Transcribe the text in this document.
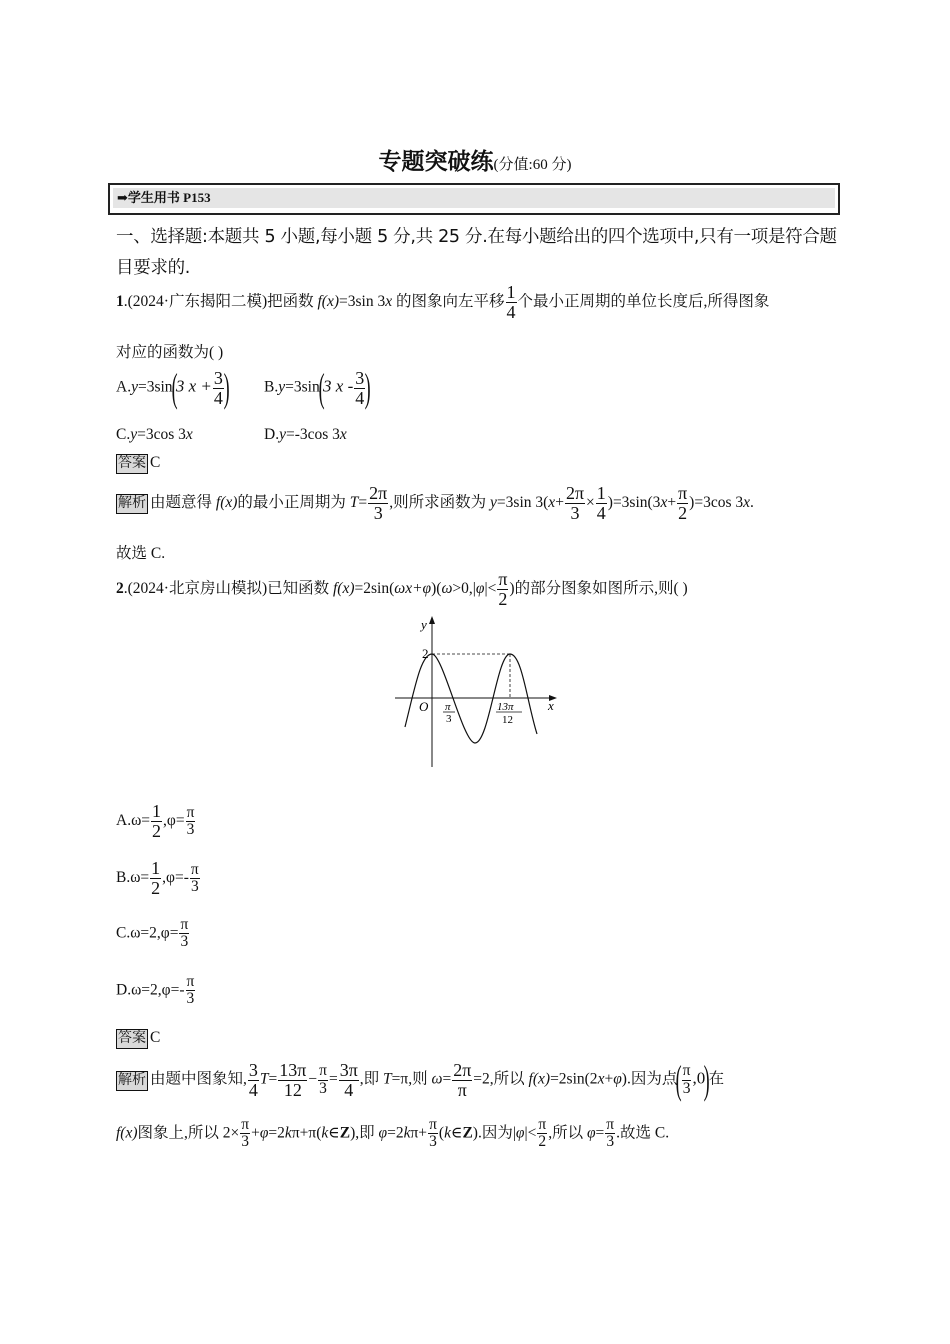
专题突破练(分值:60 分)
➡学生用书 P153
一、选择题:本题共 5 小题,每小题 5 分,共 25 分.在每小题给出的四个选项中,只有一项是符合题目要求的.
1.(2024·广东揭阳二模)把函数 f(x)=3sin 3x 的图象向左平移 $\frac{1}{4}$ 个最小正周期的单位长度后,所得图象
对应的函数为( )
A.y=3sin(3 $x + \frac{3}{4}$ ) B.y=3sin(3 x - $\frac{3}{4}$ )
C.y=3cos 3x	D.y=-3cos 3x
答案 C
解析 由题意得 f(x)的最小正周期为 $T= \frac{2\pi}{3}$ ,则所求函数为 y=3sin $3(x+ \frac{2\pi}{3} \times \frac{1}{4} )=3\sin(3x+ \frac{\pi}{2} )=3\cos$ 3x.
故选 C.
2.(2024·北京房山模拟)已知函数 $f(x)=2\sin(\omega x+\varphi)(\omega>0,|\varphi|< \frac{\pi}{2}$ )的部分图象如图所示,则( )
y
x
O
2
π
3
13π
12
$A.\omega= \frac{1}{2} ,\varphi= \frac{\pi}{3}$
$B.\omega= \frac{1}{2} ,\varphi=- \frac{\pi}{3}$
$C.\omega=2,\varphi= \frac{\pi}{3}$
$D.\omega=2,\varphi=- \frac{\pi}{3}$
答案 C
解析 由题中图象知, $\frac{3}{4} T= \frac{13\pi}{12} - \frac{\pi}{3} = \frac{3\pi}{4}$ ,即 T=π,则 $\omega= \frac{2\pi}{\pi} =2$,所以 f(x)=2sin(2x+φ).因为点( $\frac{\pi}{3} ,0$)在
f(x)图象上,所以 $2\times \frac{\pi}{3}$ +φ=2kπ+π(k∈Z),即 $\varphi=2k\pi+ \frac{\pi}{3}$ (k∈Z).因为$|\varphi|< \frac{\pi}{2}$ ,所以 $\varphi= \frac{\pi}{3}$ .故选 C.
